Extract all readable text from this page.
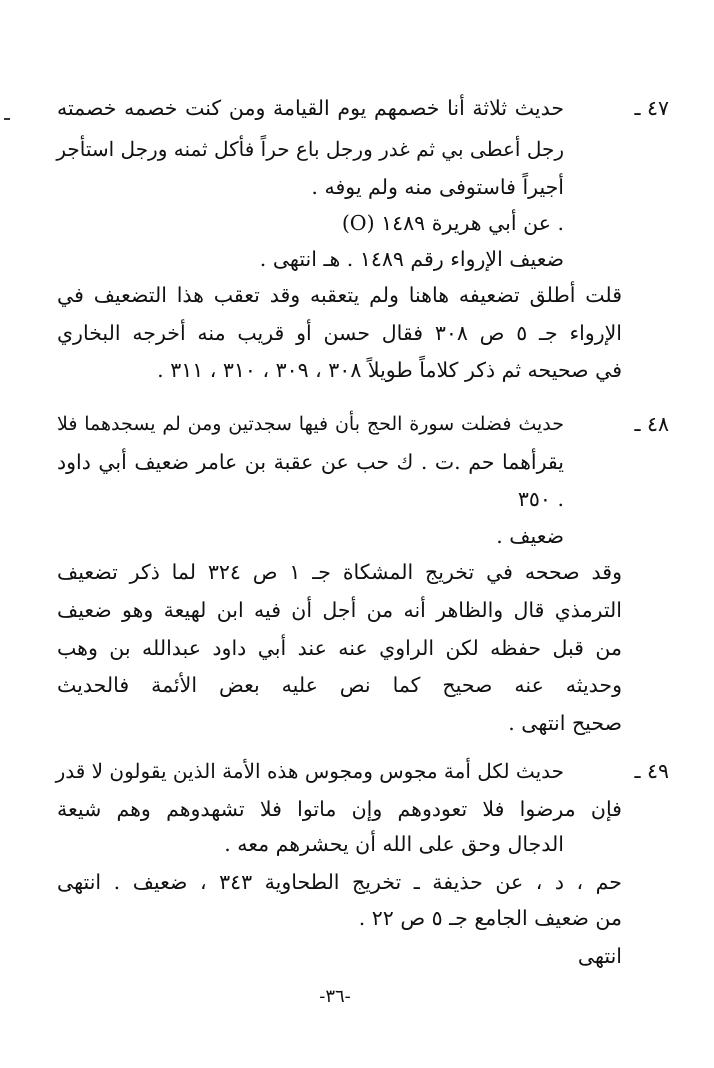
٤٧ ـ
حديث ثلاثة أنا خصمهم يوم القيامة ومن كنت خصمه خصمته
رجل أعطى بي ثم غدر ورجل باع حراً فأكل ثمنه ورجل استأجر
أجيراً فاستوفى منه ولم يوفه .
(O) عن أبي هريرة ١٤٨٩ .
ضعيف الإرواء رقم ١٤٨٩ . هـ انتهى .
قلت أطلق تضعيفه هاهنا ولم يتعقبه وقد تعقب هذا التضعيف في
الإرواء جـ ٥ ص ٣٠٨ فقال حسن أو قريب منه أخرجه البخاري
في صحيحه ثم ذكر كلاماً طويلاً ٣٠٨ ، ٣٠٩ ، ٣١٠ ، ٣١١ .
٤٨ ـ
حديث فضلت سورة الحج بأن فيها سجدتين ومن لم يسجدهما فلا
يقرأهما حم .ت . ك حب عن عقبة بن عامر ضعيف أبي داود
٣٥٠ .
ضعيف .
وقد صححه في تخريج المشكاة جـ ١ ص ٣٢٤ لما ذكر تضعيف
الترمذي قال والظاهر أنه من أجل أن فيه ابن لهيعة وهو ضعيف
من قبل حفظه لكن الراوي عنه عند أبي داود عبدالله بن وهب
وحديثه عنه صحيح كما نص عليه بعض الأئمة فالحديث
صحيح انتهى .
٤٩ ـ
حديث لكل أمة مجوس ومجوس هذه الأمة الذين يقولون لا قدر
فإن مرضوا فلا تعودوهم وإن ماتوا فلا تشهدوهم وهم شيعة
الدجال وحق على الله أن يحشرهم معه .
حم ، د ، عن حذيفة ـ تخريج الطحاوية ٣٤٣ ، ضعيف . انتهى
من ضعيف الجامع جـ ٥ ص ٢٢ .
انتهى
-٣٦-
